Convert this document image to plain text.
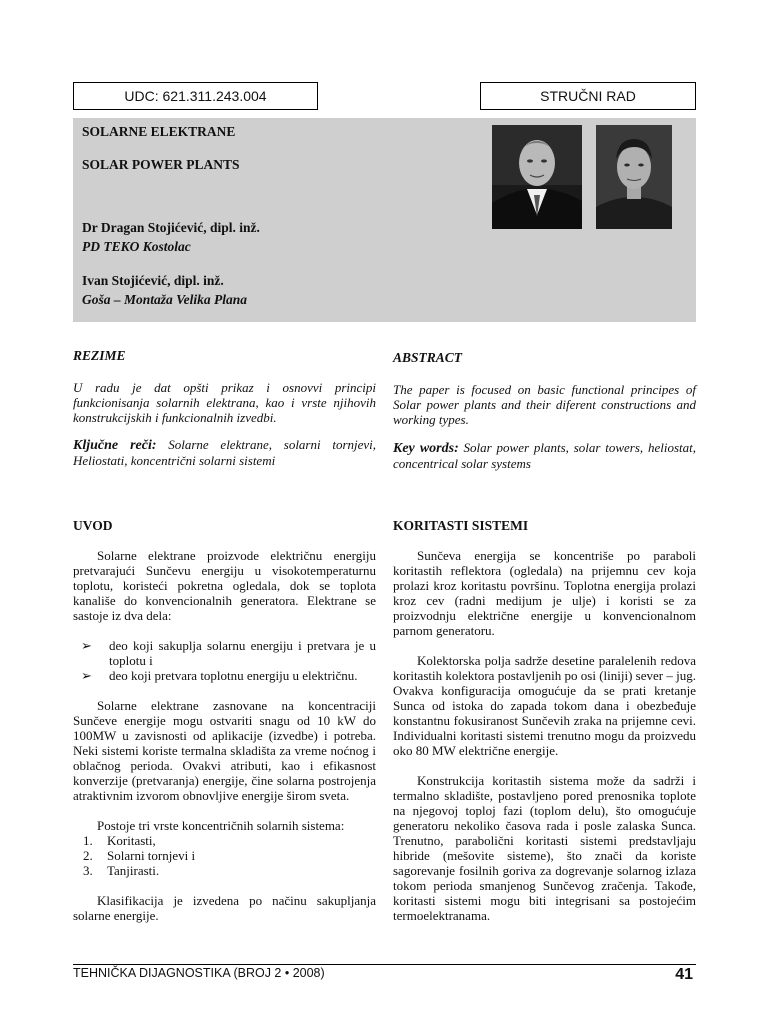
UDC: 621.311.243.004	STRUČNI RAD
SOLARNE ELEKTRANE
SOLAR POWER PLANTS
Dr Dragan Stojićević, dipl. inž.
PD TEKO Kostolac
Ivan Stojićević, dipl. inž.
Goša – Montaža Velika Plana
REZIME

U radu je dat opšti prikaz i osnovvi principi funkcionisanja solarnih elektrana, kao i vrste njihovih konstrukcijskih i funkcionalnih izvedbi.

Ključne reči: Solarne elektrane, solarni tornjevi, Heliostati, koncentrični solarni sistemi

ABSTRACT

The paper is focused on basic functional principes of Solar power plants and their diferent constructions and working types.

Key words: Solar power plants, solar towers, heliostat, concentrical solar systems

UVOD

Solarne elektrane proizvode električnu energiju pretvarajući Sunčevu energiju u visokotemperaturnu toplotu, koristeći pokretna ogledala, dok se toplota kanališe do konvencionalnih generatora. Elektrane se sastoje iz dva dela:

➢ deo koji sakuplja solarnu energiju i pretvara je u toplotu i
➢ deo koji pretvara toplotnu energiju u električnu.

Solarne elektrane zasnovane na koncentraciji Sunčeve energije mogu ostvariti snagu od 10 kW do 100MW u zavisnosti od aplikacije (izvedbe) i potreba. Neki sistemi koriste termalna skladišta za vreme noćnog i oblačnog perioda. Ovakvi atributi, kao i efikasnost konverzije (pretvaranja) energije, čine solarna postrojenja atraktivnim izvorom obnovljive energije širom sveta.

Postoje tri vrste koncentričnih solarnih sistema:

1. Koritasti,
2. Solarni tornjevi i
3. Tanjirasti.

Klasifikacija je izvedena po načinu sakupljanja solarne energije.

KORITASTI SISTEMI

Sunčeva energija se koncentriše po paraboli koritastih reflektora (ogledala) na prijemnu cev koja prolazi kroz koritastu površinu. Toplotna energija prolazi kroz cev (radni medijum je ulje) i koristi se za proizvodnju električne energije u konvencionalnom parnom generatoru.

Kolektorska polja sadrže desetine paralelenih redova koritastih kolektora postavljenih po osi (liniji) sever – jug. Ovakva konfiguracija omogućuje da se prati kretanje Sunca od istoka do zapada tokom dana i obezbeđuje konstantnu fokusiranost Sunčevih zraka na prijemne cevi. Individualni koritasti sistemi trenutno mogu da proizvedu oko 80 MW električne energije.

Konstrukcija koritastih sistema može da sadrži i termalno skladište, postavljeno pored prenosnika toplote na njegovoj toploj fazi (toplom delu), što omogućuje generatoru nekoliko časova rada i posle zalaska Sunca. Trenutno, parabolični koritasti sistemi predstavljaju hibride (mešovite sisteme), što znači da koriste sagorevanje fosilnih goriva za dogrevanje solarnog izlaza tokom perioda smanjenog Sunčevog zračenja. Takođe, koritasti sistemi mogu biti integrisani sa postojećim termoelektranama.

TEHNIČKA DIJAGNOSTIKA (BROJ 2 • 2008)	41
